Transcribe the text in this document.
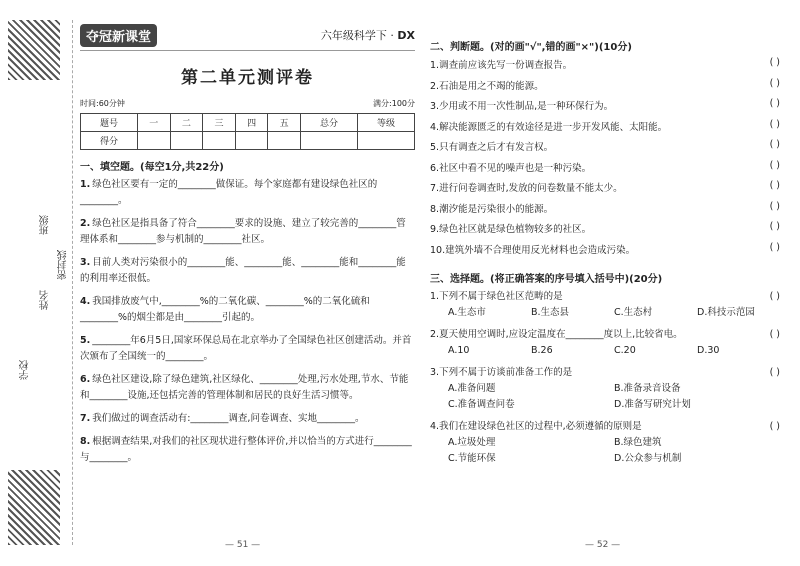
学校
姓名
班级
密封线
夺冠新课堂	六年级科学下 · DX
第二单元测评卷
时间:60分钟	满分:100分
题号	一	二	三	四	五	总分	等级
得分							
一、填空题。(每空1分,共22分)
1. 绿色社区要有一定的________做保证。每个家庭都有建设绿色社区的________。
2. 绿色社区是指具备了符合________要求的设施、建立了较完善的________管理体系和________参与机制的________社区。
3. 目前人类对污染很小的________能、________能、________能和________能的利用率还很低。
4. 我国排放废气中,________%的二氧化碳、________%的二氧化硫和________%的烟尘都是由________引起的。
5. ________年6月5日,国家环保总局在北京举办了全国绿色社区创建活动。并首次颁布了全国统一的________。
6. 绿色社区建设,除了绿色建筑,社区绿化、________处理,污水处理,节水、节能和________设施,还包括完善的管理体制和居民的良好生活习惯等。
7. 我们做过的调查活动有:________调查,问卷调查、实地________。
8. 根据调查结果,对我们的社区现状进行整体评价,并以恰当的方式进行________与________。
— 51 —
二、判断题。(对的画"√",错的画"×")(10分)
1.调查前应该先写一份调查报告。	( )
2.石油是用之不竭的能源。	( )
3.少用或不用一次性制品,是一种环保行为。	( )
4.解决能源匮乏的有效途径是进一步开发风能、太阳能。	( )
5.只有调查之后才有发言权。	( )
6.社区中看不见的噪声也是一种污染。	( )
7.进行问卷调查时,发放的问卷数量不能太少。	( )
8.潮汐能是污染很小的能源。	( )
9.绿色社区就是绿色植物较多的社区。	( )
10.建筑外墙不合理使用反光材料也会造成污染。	( )
三、选择题。(将正确答案的序号填入括号中)(20分)
1.下列不属于绿色社区范畴的是	( )
A.生态市	B.生态县	C.生态村	D.科技示范园
2.夏天使用空调时,应设定温度在________度以上,比较省电。	( )
A.10	B.26	C.20	D.30
3.下列不属于访谈前准备工作的是	( )
A.准备问题	B.准备录音设备
C.准备调查问卷	D.准备写研究计划
4.我们在建设绿色社区的过程中,必须遵循的原则是	( )
A.垃圾处理	B.绿色建筑
C.节能环保	D.公众参与机制
— 52 —
